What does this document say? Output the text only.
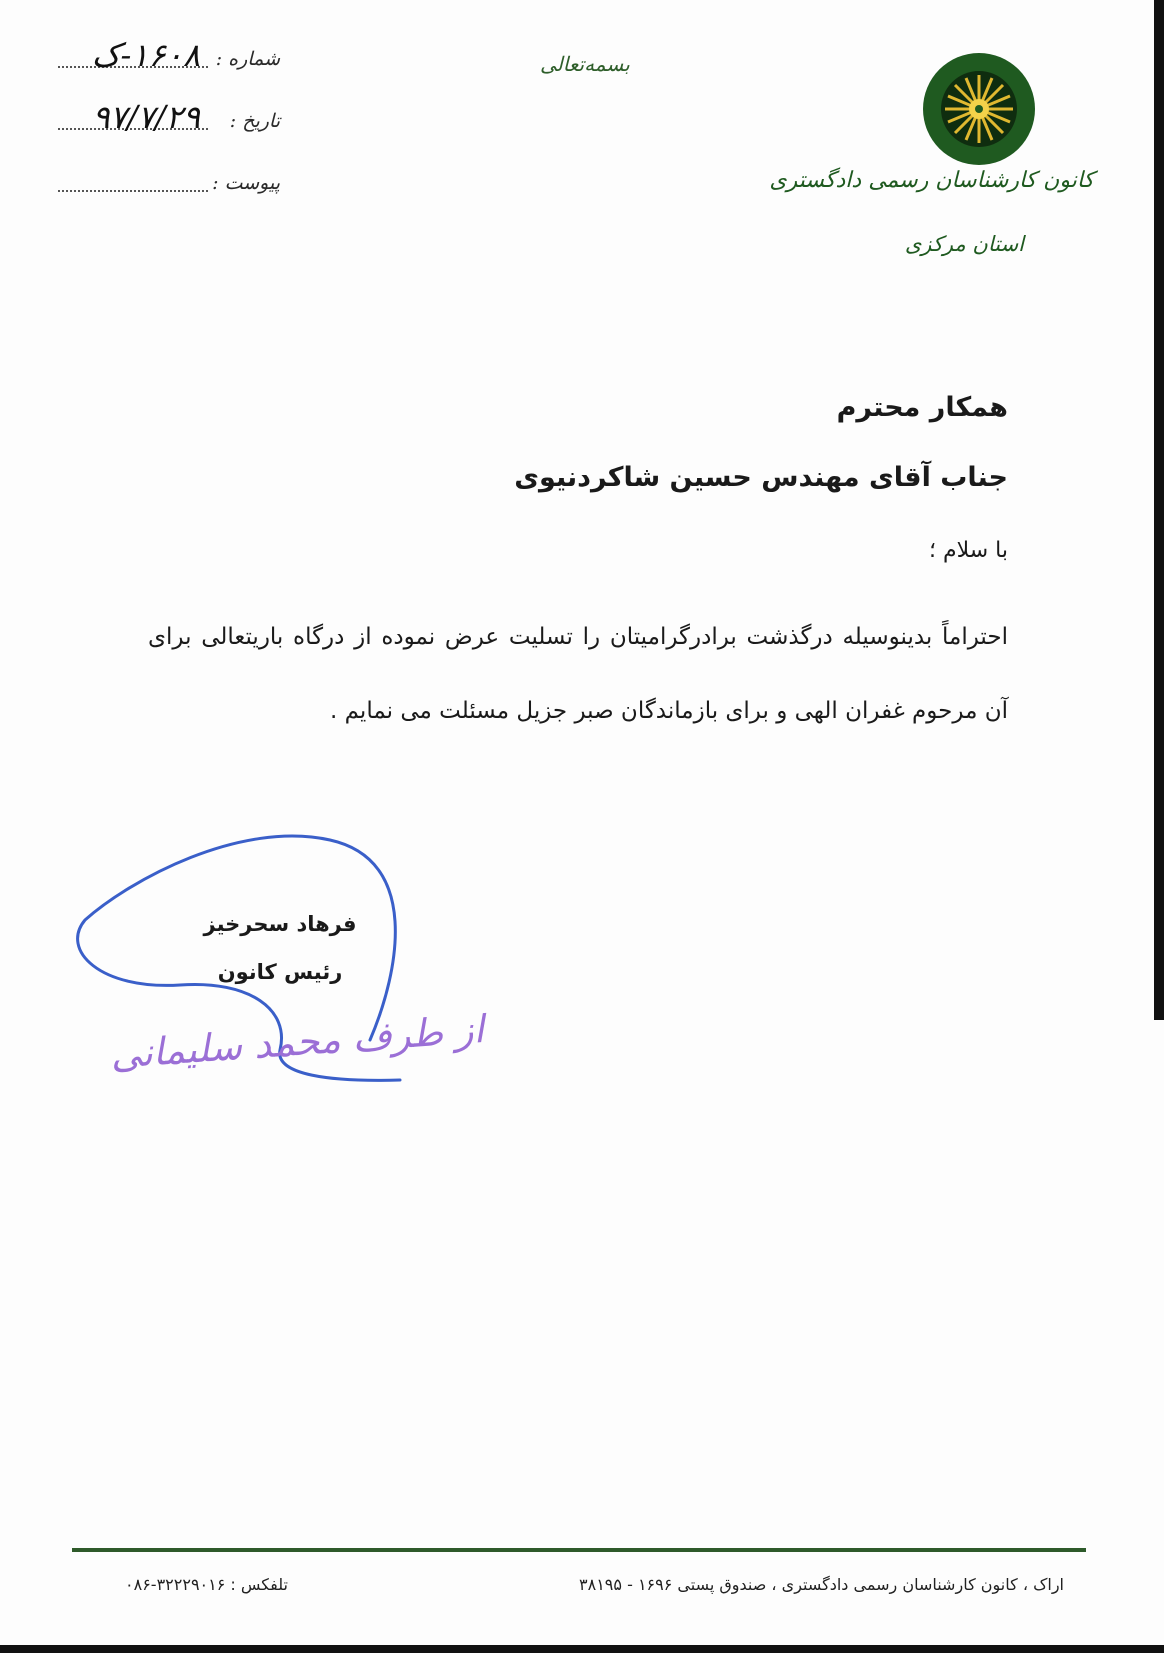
شماره :
۱۶۰۸-ک
تاریخ :
۹۷/۷/۲۹
پیوست :
بسمه‌تعالی
کانون کارشناسان رسمی دادگستری
استان مرکزی
همکار محترم
جناب آقای مهندس حسین شاکردنیوی
با سلام ؛
احتراماً بدینوسیله درگذشت برادرگرامیتان را تسلیت عرض نموده از درگاه باریتعالی برای آن مرحوم غفران الهی و برای بازماندگان صبر جزیل مسئلت می نمایم .
فرهاد سحرخیز
رئیس کانون
از طرف محمد سلیمانی
اراک ، کانون کارشناسان رسمی دادگستری ، صندوق پستی ۱۶۹۶ - ۳۸۱۹۵
تلفکس : ۳۲۲۲۹۰۱۶-۰۸۶
